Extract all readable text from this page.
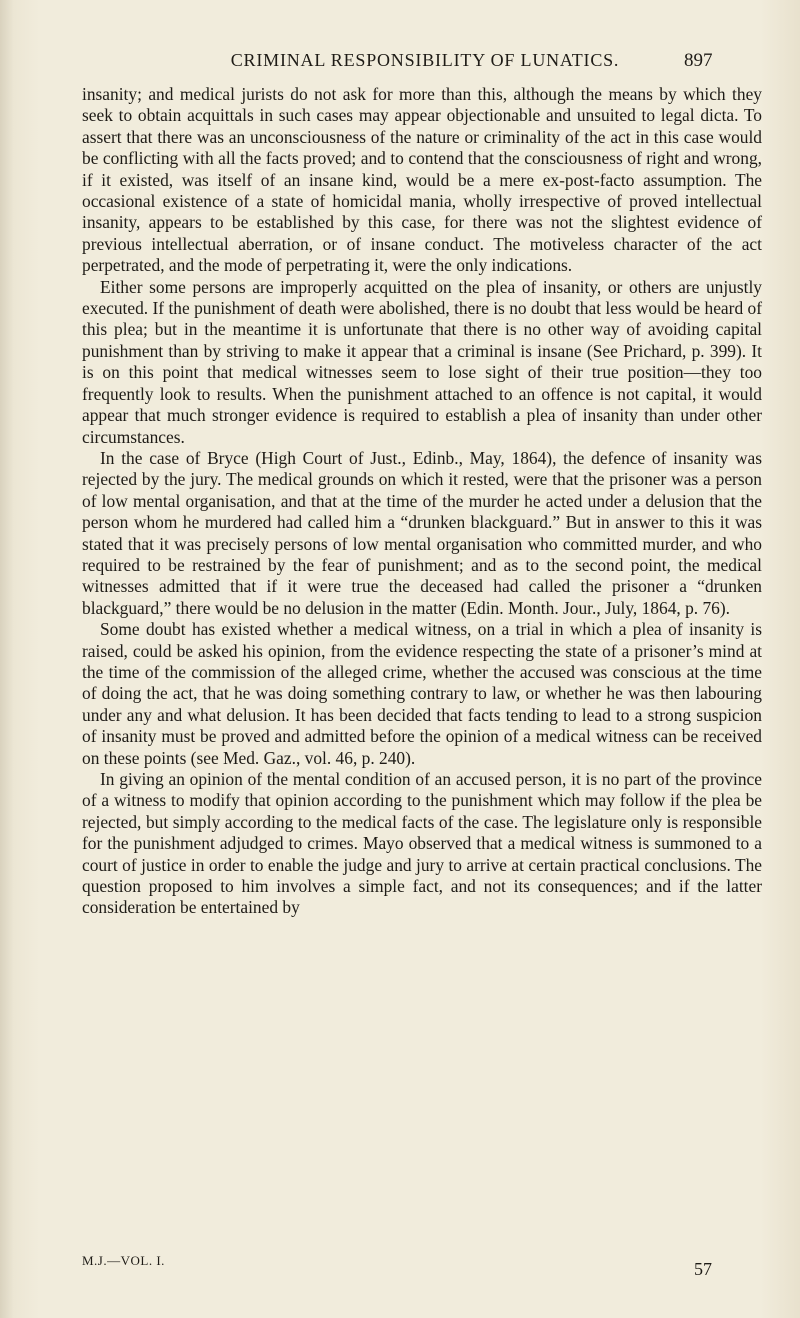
CRIMINAL RESPONSIBILITY OF LUNATICS.	897

insanity; and medical jurists do not ask for more than this, although the means by which they seek to obtain acquittals in such cases may appear objectionable and unsuited to legal dicta. To assert that there was an unconsciousness of the nature or criminality of the act in this case would be conflicting with all the facts proved; and to contend that the consciousness of right and wrong, if it existed, was itself of an insane kind, would be a mere ex-post-facto assumption. The occasional existence of a state of homicidal mania, wholly irrespective of proved intellectual insanity, appears to be established by this case, for there was not the slightest evidence of previous intellectual aberration, or of insane conduct. The motiveless character of the act perpetrated, and the mode of perpetrating it, were the only indications.

Either some persons are improperly acquitted on the plea of insanity, or others are unjustly executed. If the punishment of death were abolished, there is no doubt that less would be heard of this plea; but in the meantime it is unfortunate that there is no other way of avoiding capital punishment than by striving to make it appear that a criminal is insane (See Prichard, p. 399). It is on this point that medical witnesses seem to lose sight of their true position—they too frequently look to results. When the punishment attached to an offence is not capital, it would appear that much stronger evidence is required to establish a plea of insanity than under other circumstances.

In the case of Bryce (High Court of Just., Edinb., May, 1864), the defence of insanity was rejected by the jury. The medical grounds on which it rested, were that the prisoner was a person of low mental organisation, and that at the time of the murder he acted under a delusion that the person whom he murdered had called him a “drunken blackguard.” But in answer to this it was stated that it was precisely persons of low mental organisation who committed murder, and who required to be restrained by the fear of punishment; and as to the second point, the medical witnesses admitted that if it were true the deceased had called the prisoner a “drunken blackguard,” there would be no delusion in the matter (Edin. Month. Jour., July, 1864, p. 76).

Some doubt has existed whether a medical witness, on a trial in which a plea of insanity is raised, could be asked his opinion, from the evidence respecting the state of a prisoner’s mind at the time of the commission of the alleged crime, whether the accused was conscious at the time of doing the act, that he was doing something contrary to law, or whether he was then labouring under any and what delusion. It has been decided that facts tending to lead to a strong suspicion of insanity must be proved and admitted before the opinion of a medical witness can be received on these points (see Med. Gaz., vol. 46, p. 240).

In giving an opinion of the mental condition of an accused person, it is no part of the province of a witness to modify that opinion according to the punishment which may follow if the plea be rejected, but simply according to the medical facts of the case. The legislature only is responsible for the punishment adjudged to crimes. Mayo observed that a medical witness is summoned to a court of justice in order to enable the judge and jury to arrive at certain practical conclusions. The question proposed to him involves a simple fact, and not its consequences; and if the latter consideration be entertained by

M.J.—VOL. I.	57
